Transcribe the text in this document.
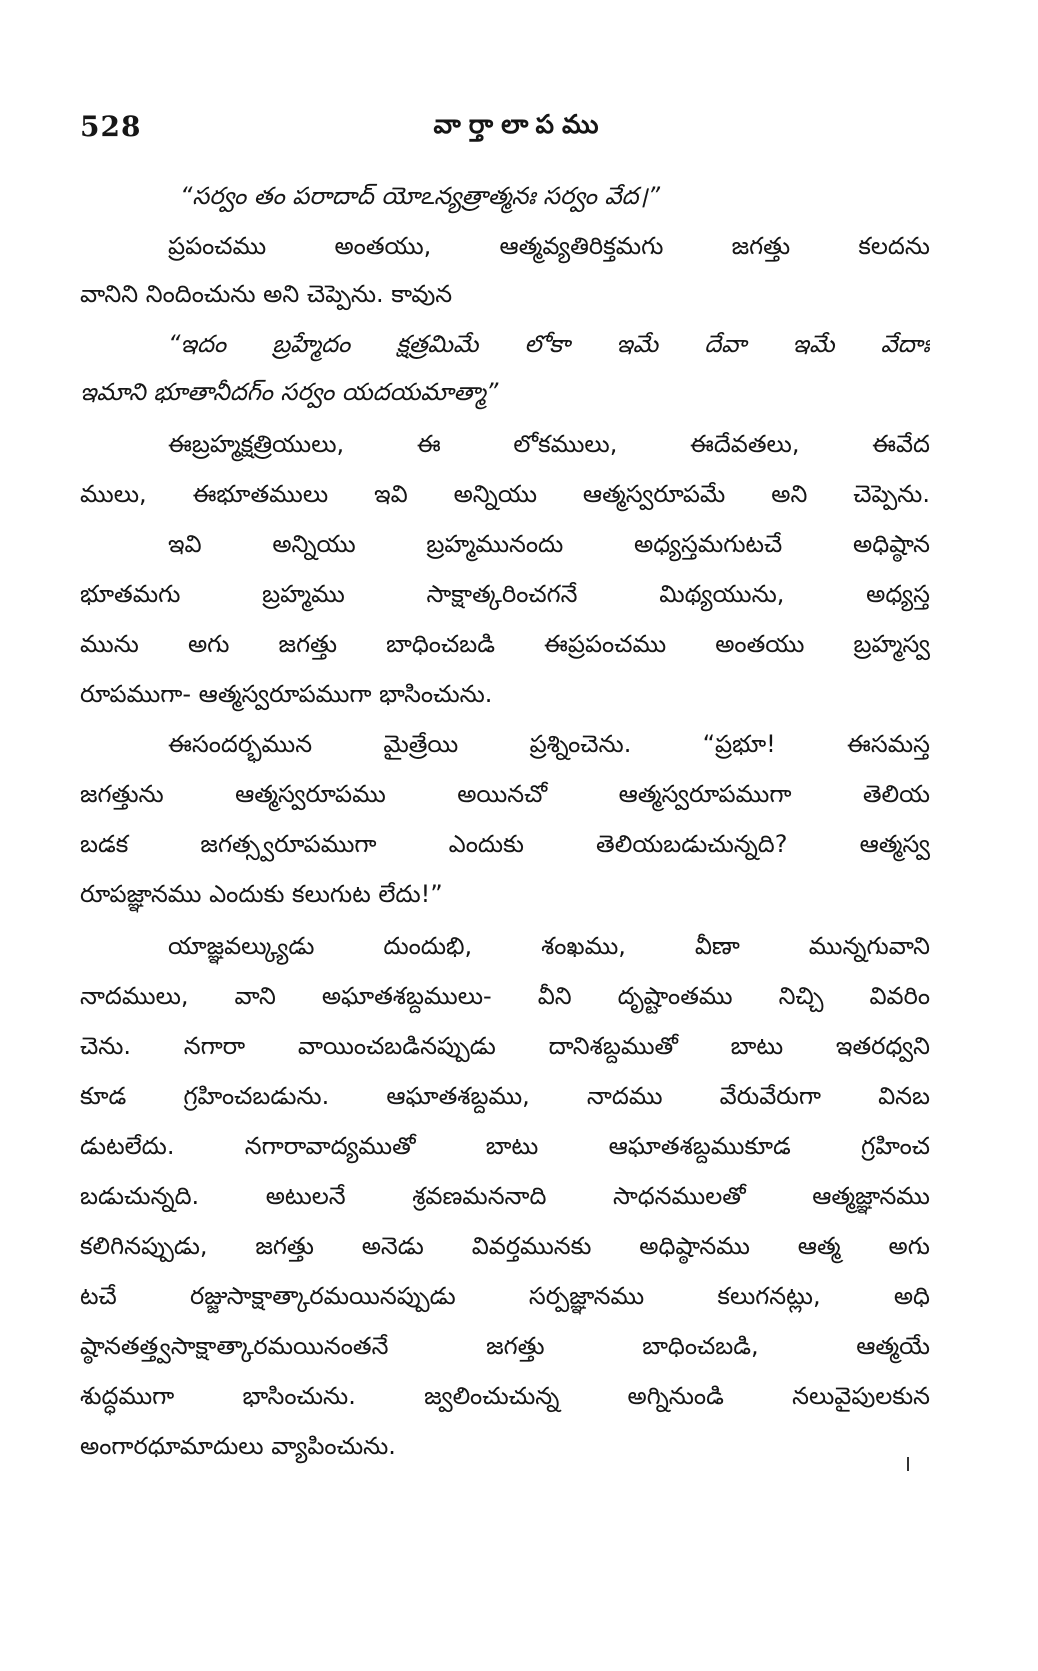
528	వార్తాలాపము
“సర్వం తం పరాదాద్ యోఽన్యత్రాత్మనః సర్వం వేద।”
ప్రపంచము అంతయు, ఆత్మవ్యతిరిక్తమగు జగత్తు కలదను
వానిని నిందించును అని చెప్పెను. కావున
“ఇదం బ్రహ్మేదం క్షత్రమిమే లోకా ఇమే దేవా ఇమే వేదాః
ఇమాని భూతానీదగ్ం సర్వం యదయమాత్మా”
ఈబ్రహ్మక్షత్రియులు, ఈ లోకములు, ఈదేవతలు, ఈవేద
ములు, ఈభూతములు ఇవి అన్నియు ఆత్మస్వరూపమే అని చెప్పెను.
ఇవి అన్నియు బ్రహ్మమునందు అధ్యస్తమగుటచే అధిష్ఠాన
భూతమగు బ్రహ్మము సాక్షాత్కరించగనే మిథ్యయును, అధ్యస్త
మును అగు జగత్తు బాధించబడి ఈప్రపంచము అంతయు బ్రహ్మస్వ
రూపముగా- ఆత్మస్వరూపముగా భాసించును.
ఈసందర్భమున మైత్రేయి ప్రశ్నించెను. “ప్రభూ! ఈసమస్త
జగత్తును ఆత్మస్వరూపము అయినచో ఆత్మస్వరూపముగా తెలియ
బడక జగత్స్వరూపముగా ఎందుకు తెలియబడుచున్నది? ఆత్మస్వ
రూపజ్ఞానము ఎందుకు కలుగుట లేదు!”
యాజ్ఞవల్క్యుడు దుందుభి, శంఖము, వీణా మున్నగువాని
నాదములు, వాని అఘాతశబ్దములు- వీని దృష్టాంతము నిచ్చి వివరిం
చెను. నగారా వాయించబడినప్పుడు దానిశబ్దముతో బాటు ఇతరధ్వని
కూడ గ్రహించబడును. ఆఘాతశబ్దము, నాదము వేరువేరుగా వినబ
డుటలేదు. నగారావాద్యముతో బాటు ఆఘాతశబ్దముకూడ గ్రహించ
బడుచున్నది. అటులనే శ్రవణమననాది సాధనములతో ఆత్మజ్ఞానము
కలిగినప్పుడు, జగత్తు అనెడు వివర్తమునకు అధిష్ఠానము ఆత్మ అగు
టచే రజ్జుసాక్షాత్కారమయినప్పుడు సర్పజ్ఞానము కలుగనట్లు, అధి
ష్ఠానతత్త్వసాక్షాత్కారమయినంతనే జగత్తు బాధించబడి, ఆత్మయే
శుద్ధముగా భాసించును. జ్వలించుచున్న అగ్నినుండి నలువైపులకున
అంగారధూమాదులు వ్యాపించును.
